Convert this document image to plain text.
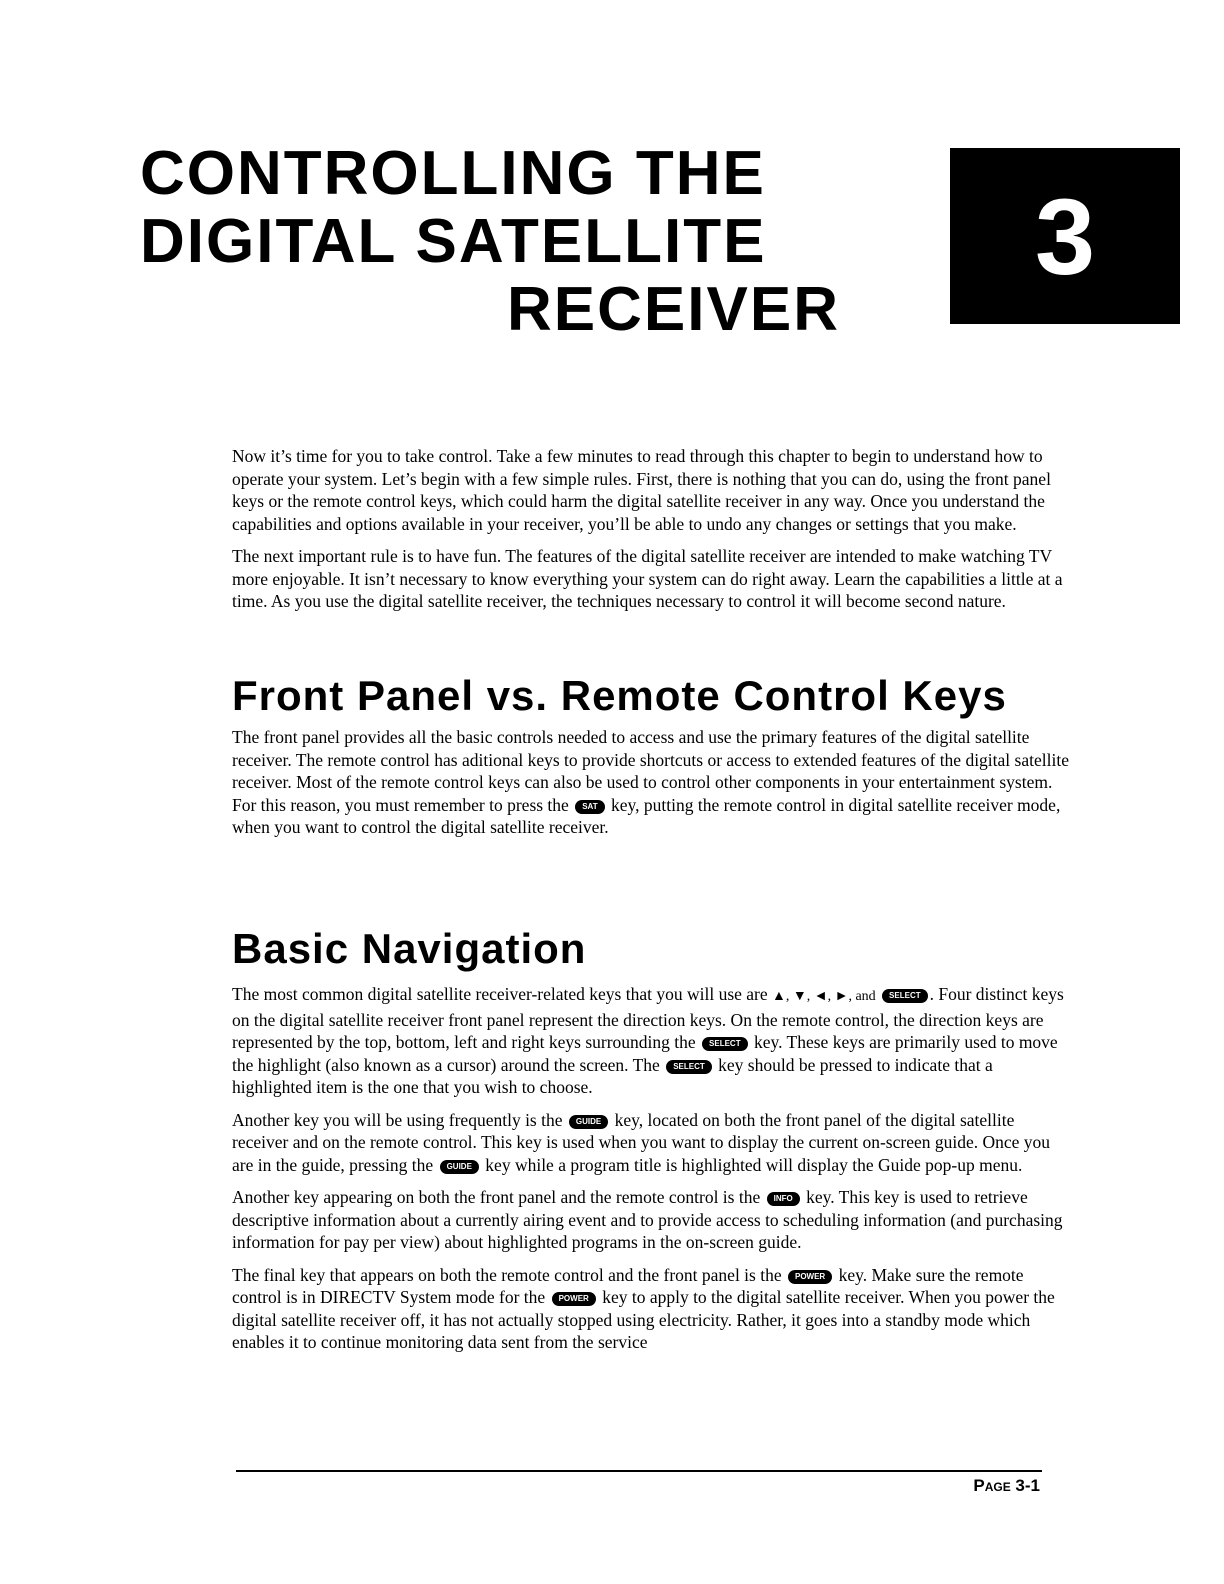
CONTROLLING THE
DIGITAL SATELLITE
RECEIVER
3

Now it’s time for you to take control. Take a few minutes to read through this chapter to begin to understand how to operate your system. Let’s begin with a few simple rules. First, there is nothing that you can do, using the front panel keys or the remote control keys, which could harm the digital satellite receiver in any way. Once you understand the capabilities and options available in your receiver, you’ll be able to undo any changes or settings that you make.

The next important rule is to have fun. The features of the digital satellite receiver are intended to make watching TV more enjoyable. It isn’t necessary to know everything your system can do right away. Learn the capabilities a little at a time. As you use the digital satellite receiver, the techniques necessary to control it will become second nature.

Front Panel vs. Remote Control Keys

The front panel provides all the basic controls needed to access and use the primary features of the digital satellite receiver. The remote control has aditional keys to provide shortcuts or access to extended features of the digital satellite receiver. Most of the remote control keys can also be used to control other components in your entertainment system. For this reason, you must remember to press the SAT key, putting the remote control in digital satellite receiver mode, when you want to control the digital satellite receiver.

Basic Navigation

The most common digital satellite receiver-related keys that you will use are ▲, ▼, ◄, ►, and SELECT . Four distinct keys on the digital satellite receiver front panel represent the direction keys. On the remote control, the direction keys are represented by the top, bottom, left and right keys surrounding the SELECT key. These keys are primarily used to move the highlight (also known as a cursor) around the screen. The SELECT key should be pressed to indicate that a highlighted item is the one that you wish to choose.

Another key you will be using frequently is the GUIDE key, located on both the front panel of the digital satellite receiver and on the remote control. This key is used when you want to display the current on-screen guide. Once you are in the guide, pressing the GUIDE key while a program title is highlighted will display the Guide pop-up menu.

Another key appearing on both the front panel and the remote control is the INFO key. This key is used to retrieve descriptive information about a currently airing event and to provide access to scheduling information (and purchasing information for pay per view) about highlighted programs in the on-screen guide.

The final key that appears on both the remote control and the front panel is the POWER key. Make sure the remote control is in DIRECTV System mode for the POWER key to apply to the digital satellite receiver. When you power the digital satellite receiver off, it has not actually stopped using electricity. Rather, it goes into a standby mode which enables it to continue monitoring data sent from the service

Page 3-1
